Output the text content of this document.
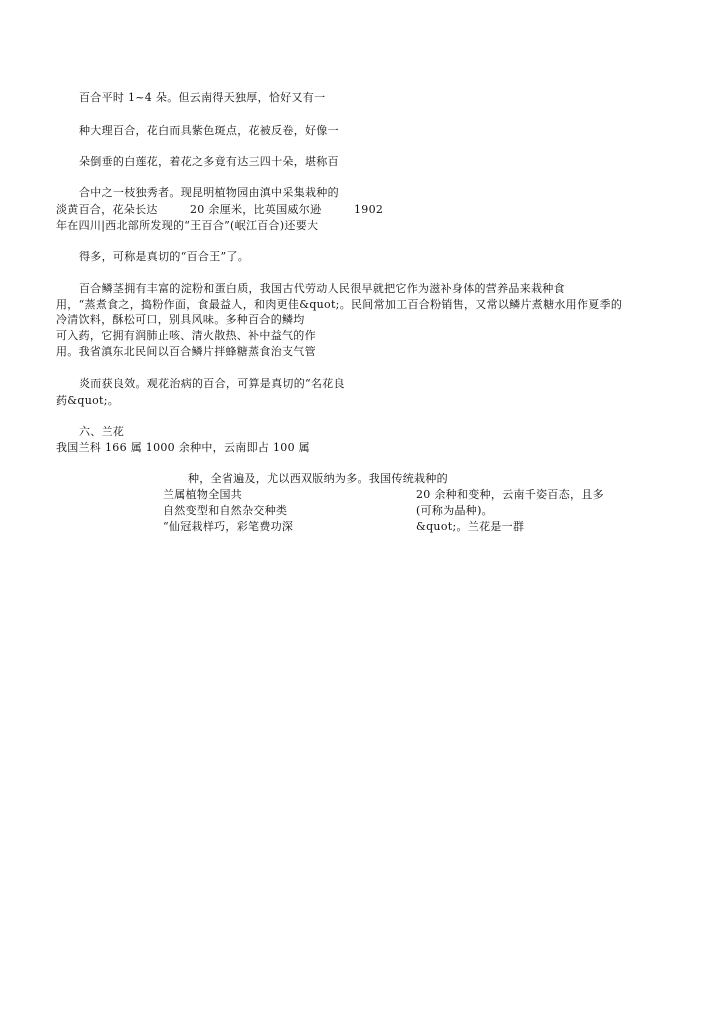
百合平时 1~4 朵。但云南得天独厚，恰好又有一
种大理百合，花白而具紫色斑点，花被反卷，好像一
朵倒垂的白莲花，着花之多竟有达三四十朵，堪称百
合中之一枝独秀者。现昆明植物园由滇中采集栽种的
淡黄百合，花朵长达	20 余厘米，比英国威尔逊	1902
年在四川|西北部所发现的“王百合”(岷江百合)还要大
得多，可称是真切的“百合王”了。
百合鳞茎拥有丰富的淀粉和蛋白质，我国古代劳动人民很早就把它作为滋补身体的营养品来栽种食
用，“蒸煮食之，捣粉作面，食最益人，和肉更佳&quot;。民间常加工百合粉销售，又常以鳞片煮糖水用作夏季的
冷清饮料，酥松可口，别具风味。多种百合的鳞均
可入药，它拥有润肺止咳、清火散热、补中益气的作
用。我省滇东北民间以百合鳞片拌蜂糖蒸食治支气管
炎而获良效。观花治病的百合，可算是真切的“名花良
药&quot;。
六、兰花
我国兰科 166 属 1000 余种中，云南即占 100 属
种，全省遍及，尤以西双版纳为多。我国传统栽种的
兰属植物全国共
自然变型和自然杂交种类
“仙冠栽样巧，彩笔费功深
20 余种和变种，云南千姿百态，且多
(可称为晶种)。
&quot;。兰花是一群
